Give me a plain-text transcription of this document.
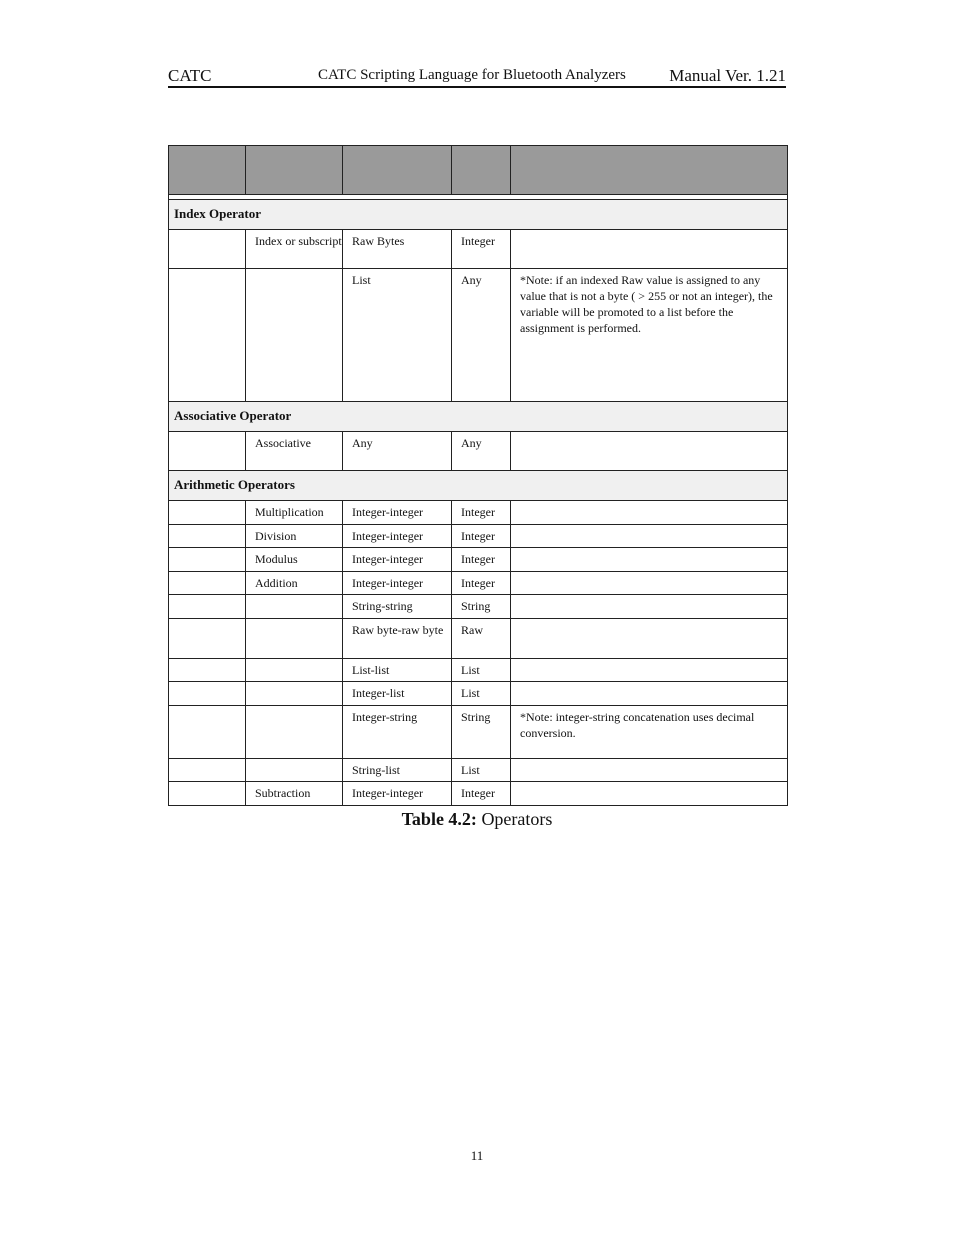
CATC	CATC Scripting Language for Bluetooth Analyzers	Manual Ver. 1.21

Index Operator				
	Index or subscript	Raw Bytes	Integer	
		List	Any	*Note: if an indexed Raw value is assigned to any value that is not a byte ( > 255 or not an integer), the variable will be promoted to a list before the assignment is performed.
Associative Operator				
	Associative	Any	Any	
Arithmetic Operators				
	Multiplication	Integer-integer	Integer	
	Division	Integer-integer	Integer	
	Modulus	Integer-integer	Integer	
	Addition	Integer-integer	Integer	
		String-string	String	
		Raw byte-raw byte	Raw	
		List-list	List	
		Integer-list	List	
		Integer-string	String	*Note: integer-string concatenation uses decimal conversion.
		String-list	List	
	Subtraction	Integer-integer	Integer	
Table 4.2: Operators
11
